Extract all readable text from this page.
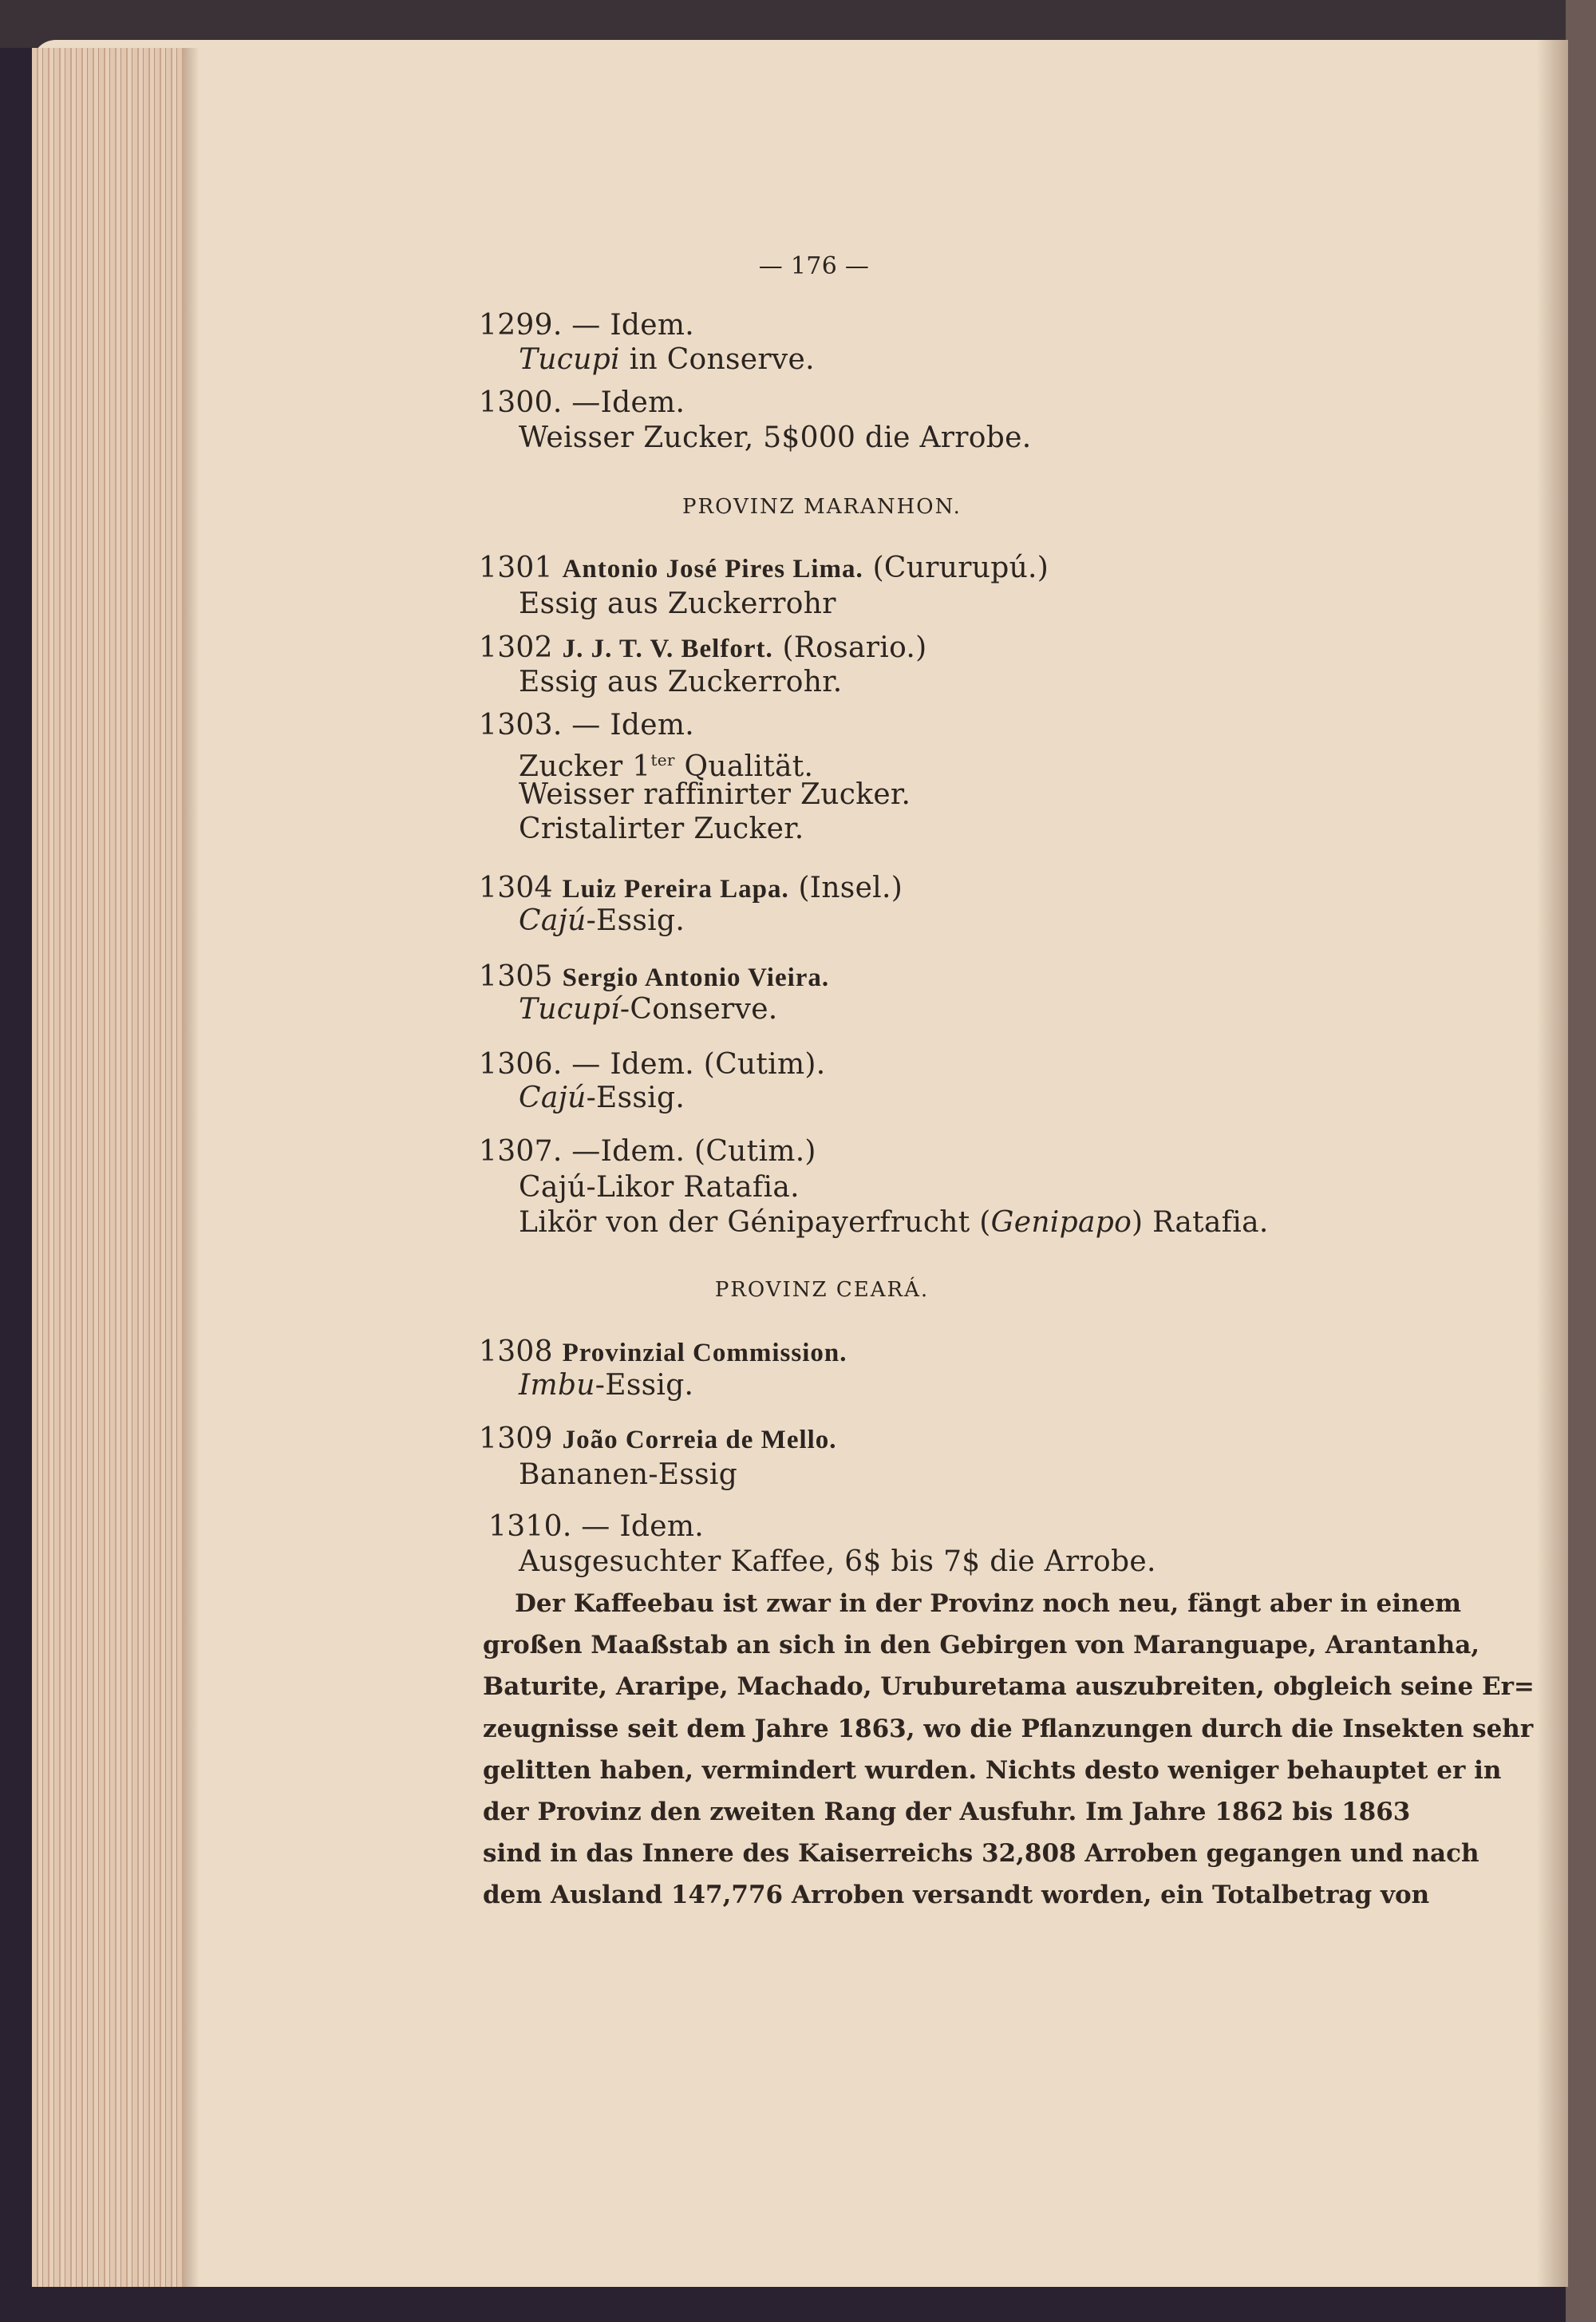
— 176 —
1299. — Idem.
Tucupi in Conserve.
1300. —Idem.
Weisser Zucker, 5$000 die Arrobe.
PROVINZ MARANHON.
1301 Antonio José Pires Lima. (Cururupú.)
Essig aus Zuckerrohr
1302 J. J. T. V. Belfort. (Rosario.)
Essig aus Zuckerrohr.
1303. — Idem.
Zucker $1^{ter}$ Qualität.
Weisser raffinirter Zucker.
Cristalirter Zucker.
1304 Luiz Pereira Lapa. (Insel.)
Cajú-Essig.
1305 Sergio Antonio Vieira.
Tucupí-Conserve.
1306. — Idem. (Cutim).
Cajú-Essig.
1307. —Idem. (Cutim.)
Cajú-Likor Ratafia.
Likör von der Génipayerfrucht (Genipapo) Ratafia.
PROVINZ CEARÁ.
1308 Provinzial Commission.
Imbu-Essig.
1309 João Correia de Mello.
Bananen-Essig
1310. — Idem.
Ausgesuchter Kaffee, 6$ bis 7$ die Arrobe.
Der Kaffeebau ist zwar in der Provinz noch neu, fängt aber in einem
großen Maaßstab an sich in den Gebirgen von Maranguape, Arantanha,
Baturite, Araripe, Machado, Uruburetama auszubreiten, obgleich seine Er=
zeugnisse seit dem Jahre 1863, wo die Pflanzungen durch die Insekten sehr
gelitten haben, vermindert wurden. Nichts desto weniger behauptet er in
der Provinz den zweiten Rang der Ausfuhr. Im Jahre 1862 bis 1863
sind in das Innere des Kaiserreichs 32,808 Arroben gegangen und nach
dem Ausland 147,776 Arroben versandt worden, ein Totalbetrag von
